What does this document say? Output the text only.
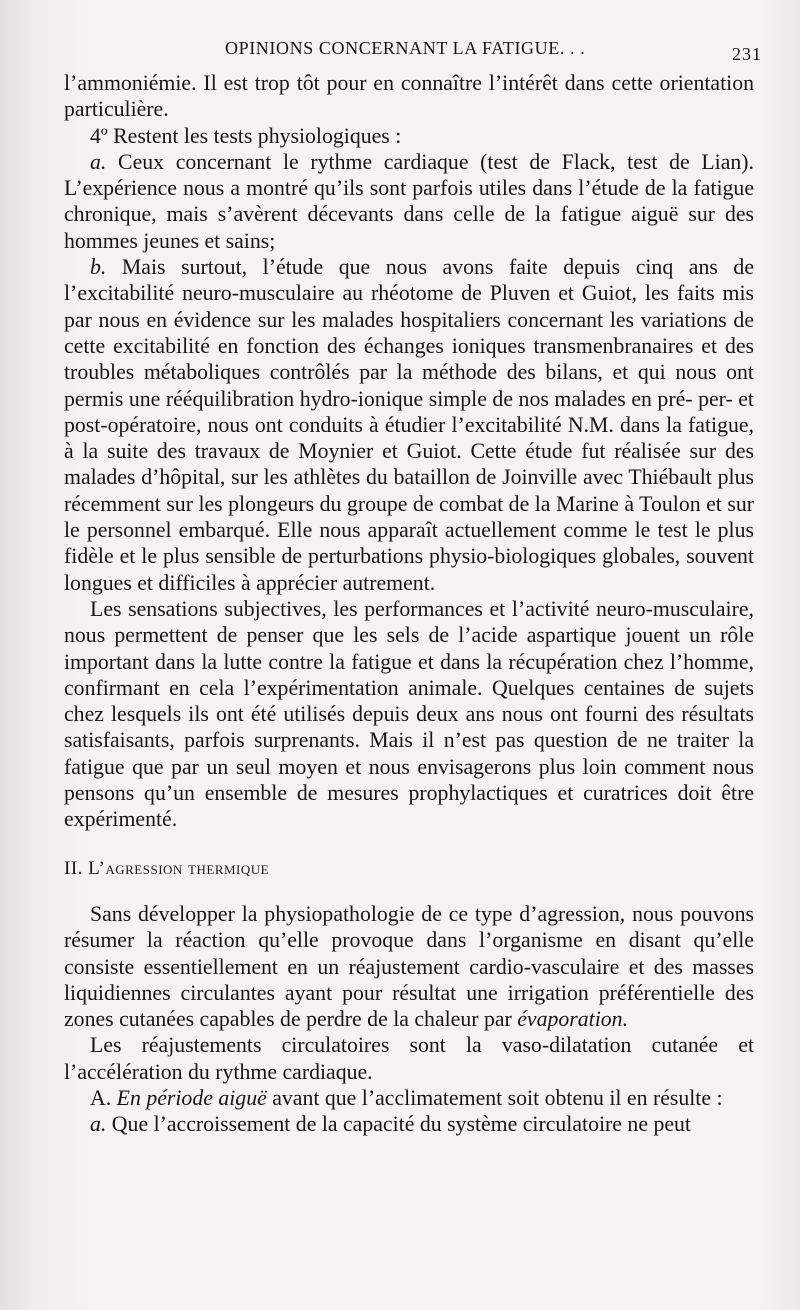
OPINIONS CONCERNANT LA FATIGUE. . .	231

l’ammoniémie. Il est trop tôt pour en connaître l’intérêt dans cette orientation particulière.

4º Restent les tests physiologiques :

a. Ceux concernant le rythme cardiaque (test de Flack, test de Lian). L’expérience nous a montré qu’ils sont parfois utiles dans l’étude de la fatigue chronique, mais s’avèrent décevants dans celle de la fatigue aiguë sur des hommes jeunes et sains;

b. Mais surtout, l’étude que nous avons faite depuis cinq ans de l’excitabilité neuro-musculaire au rhéotome de Pluven et Guiot, les faits mis par nous en évidence sur les malades hospitaliers concernant les variations de cette excitabilité en fonction des échanges ioniques transmenbranaires et des troubles métaboliques contrôlés par la méthode des bilans, et qui nous ont permis une rééquilibration hydro-ionique simple de nos malades en pré- per- et post-opératoire, nous ont conduits à étudier l’excitabilité N.M. dans la fatigue, à la suite des travaux de Moynier et Guiot. Cette étude fut réalisée sur des malades d’hôpital, sur les athlètes du bataillon de Joinville avec Thiébault plus récemment sur les plongeurs du groupe de combat de la Marine à Toulon et sur le personnel embarqué. Elle nous apparaît actuellement comme le test le plus fidèle et le plus sensible de perturbations physio-biologiques globales, souvent longues et difficiles à apprécier autrement.

Les sensations subjectives, les performances et l’activité neuro-musculaire, nous permettent de penser que les sels de l’acide aspartique jouent un rôle important dans la lutte contre la fatigue et dans la récupération chez l’homme, confirmant en cela l’expérimentation animale. Quelques centaines de sujets chez lesquels ils ont été utilisés depuis deux ans nous ont fourni des résultats satisfaisants, parfois surprenants. Mais il n’est pas question de ne traiter la fatigue que par un seul moyen et nous envisagerons plus loin comment nous pensons qu’un ensemble de mesures prophylactiques et curatrices doit être expérimenté.

II. L’agression thermique

Sans développer la physiopathologie de ce type d’agression, nous pouvons résumer la réaction qu’elle provoque dans l’organisme en disant qu’elle consiste essentiellement en un réajustement cardio-vasculaire et des masses liquidiennes circulantes ayant pour résultat une irrigation préférentielle des zones cutanées capables de perdre de la chaleur par évaporation.

Les réajustements circulatoires sont la vaso-dilatation cutanée et l’accélération du rythme cardiaque.

A. En période aiguë avant que l’acclimatement soit obtenu il en résulte :

a. Que l’accroissement de la capacité du système circulatoire ne peut
